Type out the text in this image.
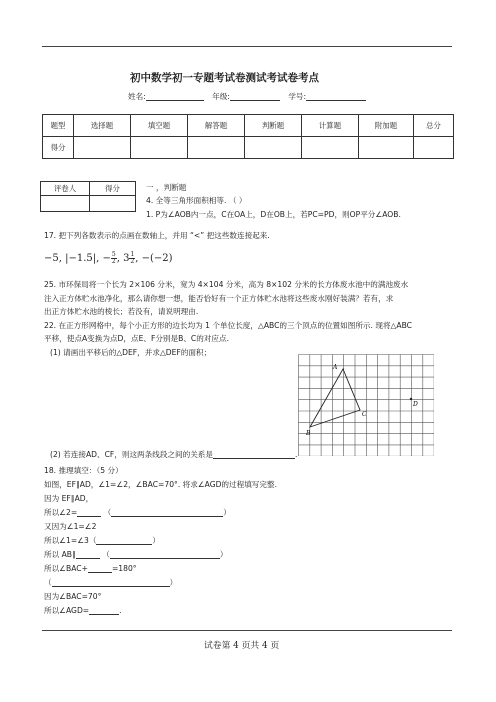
初中数学初一专题考试卷测试考试卷考点
姓名:	年级:	学号:
题型	选择题	填空题	解答题	判断题	计算题	附加题	总分
得分							
评卷人	得分
		一 ，判断题
4. 全等三角形面积相等. （ ）
1. P为∠AOB内一点，C在OA上，D在OB上，若PC=PD，则OP平分∠AOB.
17. 把下列各数表示的点画在数轴上，并用 “<” 把这些数连接起来.
−5, |−1.5|, − $\frac{5}{2}$ , $3 \frac{1}{2}$ , −(−2)
25. 市环保局将一个长为 2×106 分米，宽为 4×104 分米，高为 8×102 分米的长方体废水池中的满池废水
注入正方体贮水池净化，那么请你想一想，能否恰好有一个正方体贮水池将这些废水刚好装满？若有，求
出正方体贮水池的棱长；若没有，请说明理由.
22. 在正方形网格中，每个小正方形的边长均为 1 个单位长度，△ABC的三个顶点的位置如图所示. 现将△ABC
平移，使点A变换为点D，点E、F分别是B、C的对应点.
(1) 请画出平移后的△DEF，并求△DEF的面积；
A
B
C
D
(2) 若连接AD、CF，则这两条线段之间的关系是	.
18. 推理填空：（5 分）
如图，EF∥AD，∠1=∠2，∠BAC=70°. 将求∠AGD的过程填写完整.
因为 EF∥AD，
所以∠2=	（	）
又因为∠1=∠2
所以∠1=∠3（	）
所以 AB∥	（	）
所以∠BAC+	=180°
（	）
因为∠BAC=70°
所以∠AGD=	.
试卷第 4 页共 4 页
